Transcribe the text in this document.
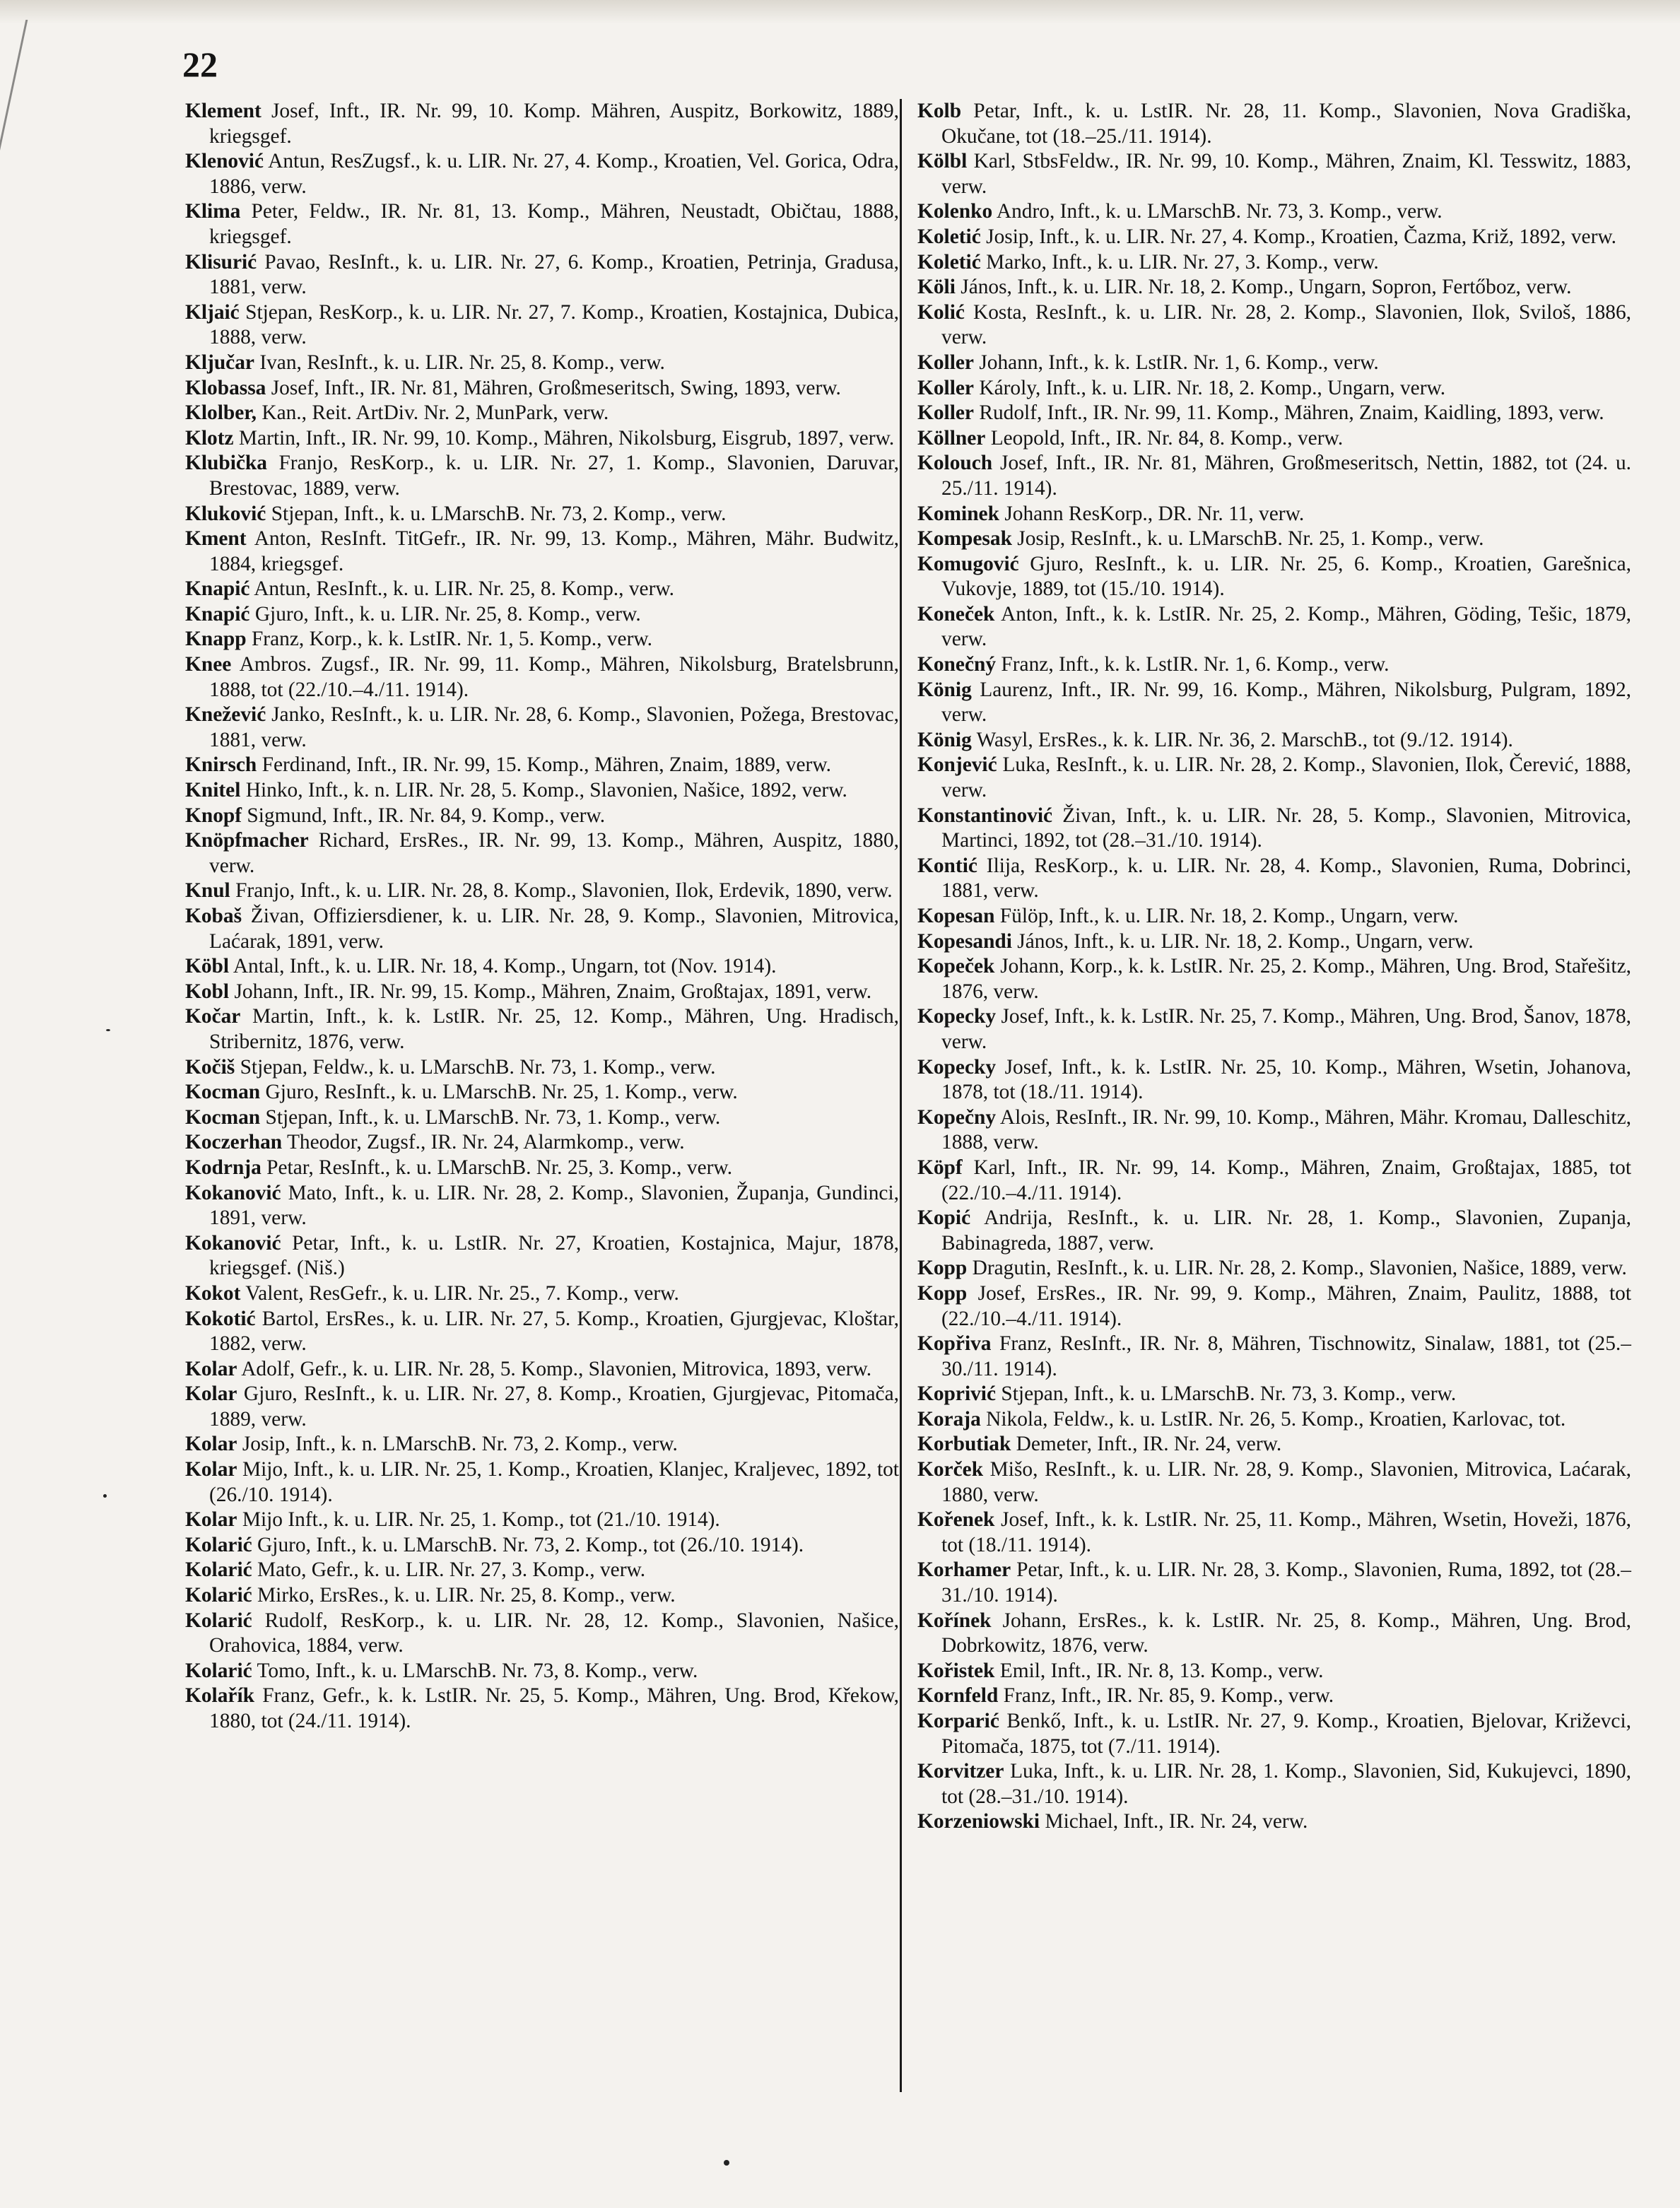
22

Klement Josef, Inft., IR. Nr. 99, 10. Komp. Mähren, Auspitz, Borkowitz, 1889, kriegsgef.

Klenović Antun, ResZugsf., k. u. LIR. Nr. 27, 4. Komp., Kroatien, Vel. Gorica, Odra, 1886, verw.

Klima Peter, Feldw., IR. Nr. 81, 13. Komp., Mähren, Neustadt, Običtau, 1888, kriegsgef.

Klisurić Pavao, ResInft., k. u. LIR. Nr. 27, 6. Komp., Kroatien, Petrinja, Gradusa, 1881, verw.

Kljaić Stjepan, ResKorp., k. u. LIR. Nr. 27, 7. Komp., Kroatien, Kostajnica, Dubica, 1888, verw.

Ključar Ivan, ResInft., k. u. LIR. Nr. 25, 8. Komp., verw.

Klobassa Josef, Inft., IR. Nr. 81, Mähren, Großmeseritsch, Swing, 1893, verw.

Klolber, Kan., Reit. ArtDiv. Nr. 2, MunPark, verw.

Klotz Martin, Inft., IR. Nr. 99, 10. Komp., Mähren, Nikolsburg, Eisgrub, 1897, verw.

Klubička Franjo, ResKorp., k. u. LIR. Nr. 27, 1. Komp., Slavonien, Daruvar, Brestovac, 1889, verw.

Kluković Stjepan, Inft., k. u. LMarschB. Nr. 73, 2. Komp., verw.

Kment Anton, ResInft. TitGefr., IR. Nr. 99, 13. Komp., Mähren, Mähr. Budwitz, 1884, kriegsgef.

Knapić Antun, ResInft., k. u. LIR. Nr. 25, 8. Komp., verw.

Knapić Gjuro, Inft., k. u. LIR. Nr. 25, 8. Komp., verw.

Knapp Franz, Korp., k. k. LstIR. Nr. 1, 5. Komp., verw.

Knee Ambros. Zugsf., IR. Nr. 99, 11. Komp., Mähren, Nikolsburg, Bratelsbrunn, 1888, tot (22./10.–4./11. 1914).

Knežević Janko, ResInft., k. u. LIR. Nr. 28, 6. Komp., Slavonien, Požega, Brestovac, 1881, verw.

Knirsch Ferdinand, Inft., IR. Nr. 99, 15. Komp., Mähren, Znaim, 1889, verw.

Knitel Hinko, Inft., k. n. LIR. Nr. 28, 5. Komp., Slavonien, Našice, 1892, verw.

Knopf Sigmund, Inft., IR. Nr. 84, 9. Komp., verw.

Knöpfmacher Richard, ErsRes., IR. Nr. 99, 13. Komp., Mähren, Auspitz, 1880, verw.

Knul Franjo, Inft., k. u. LIR. Nr. 28, 8. Komp., Slavonien, Ilok, Erdevik, 1890, verw.

Kobaš Živan, Offiziersdiener, k. u. LIR. Nr. 28, 9. Komp., Slavonien, Mitrovica, Laćarak, 1891, verw.

Köbl Antal, Inft., k. u. LIR. Nr. 18, 4. Komp., Ungarn, tot (Nov. 1914).

Kobl Johann, Inft., IR. Nr. 99, 15. Komp., Mähren, Znaim, Großtajax, 1891, verw.

Kočar Martin, Inft., k. k. LstIR. Nr. 25, 12. Komp., Mähren, Ung. Hradisch, Stribernitz, 1876, verw.

Kočiš Stjepan, Feldw., k. u. LMarschB. Nr. 73, 1. Komp., verw.

Kocman Gjuro, ResInft., k. u. LMarschB. Nr. 25, 1. Komp., verw.

Kocman Stjepan, Inft., k. u. LMarschB. Nr. 73, 1. Komp., verw.

Koczerhan Theodor, Zugsf., IR. Nr. 24, Alarmkomp., verw.

Kodrnja Petar, ResInft., k. u. LMarschB. Nr. 25, 3. Komp., verw.

Kokanović Mato, Inft., k. u. LIR. Nr. 28, 2. Komp., Slavonien, Županja, Gundinci, 1891, verw.

Kokanović Petar, Inft., k. u. LstIR. Nr. 27, Kroatien, Kostajnica, Majur, 1878, kriegsgef. (Niš.)

Kokot Valent, ResGefr., k. u. LIR. Nr. 25., 7. Komp., verw.

Kokotić Bartol, ErsRes., k. u. LIR. Nr. 27, 5. Komp., Kroatien, Gjurgjevac, Kloštar, 1882, verw.

Kolar Adolf, Gefr., k. u. LIR. Nr. 28, 5. Komp., Slavonien, Mitrovica, 1893, verw.

Kolar Gjuro, ResInft., k. u. LIR. Nr. 27, 8. Komp., Kroatien, Gjurgjevac, Pitomača, 1889, verw.

Kolar Josip, Inft., k. n. LMarschB. Nr. 73, 2. Komp., verw.

Kolar Mijo, Inft., k. u. LIR. Nr. 25, 1. Komp., Kroatien, Klanjec, Kraljevec, 1892, tot (26./10. 1914).

Kolar Mijo Inft., k. u. LIR. Nr. 25, 1. Komp., tot (21./10. 1914).

Kolarić Gjuro, Inft., k. u. LMarschB. Nr. 73, 2. Komp., tot (26./10. 1914).

Kolarić Mato, Gefr., k. u. LIR. Nr. 27, 3. Komp., verw.

Kolarić Mirko, ErsRes., k. u. LIR. Nr. 25, 8. Komp., verw.

Kolarić Rudolf, ResKorp., k. u. LIR. Nr. 28, 12. Komp., Slavonien, Našice, Orahovica, 1884, verw.

Kolarić Tomo, Inft., k. u. LMarschB. Nr. 73, 8. Komp., verw.

Kolařík Franz, Gefr., k. k. LstIR. Nr. 25, 5. Komp., Mähren, Ung. Brod, Křekow, 1880, tot (24./11. 1914).

Kolb Petar, Inft., k. u. LstIR. Nr. 28, 11. Komp., Slavonien, Nova Gradiška, Okučane, tot (18.–25./11. 1914).

Kölbl Karl, StbsFeldw., IR. Nr. 99, 10. Komp., Mähren, Znaim, Kl. Tesswitz, 1883, verw.

Kolenko Andro, Inft., k. u. LMarschB. Nr. 73, 3. Komp., verw.

Koletić Josip, Inft., k. u. LIR. Nr. 27, 4. Komp., Kroatien, Čazma, Križ, 1892, verw.

Koletić Marko, Inft., k. u. LIR. Nr. 27, 3. Komp., verw.

Köli János, Inft., k. u. LIR. Nr. 18, 2. Komp., Ungarn, Sopron, Fertőboz, verw.

Kolić Kosta, ResInft., k. u. LIR. Nr. 28, 2. Komp., Slavonien, Ilok, Sviloš, 1886, verw.

Koller Johann, Inft., k. k. LstIR. Nr. 1, 6. Komp., verw.

Koller Károly, Inft., k. u. LIR. Nr. 18, 2. Komp., Ungarn, verw.

Koller Rudolf, Inft., IR. Nr. 99, 11. Komp., Mähren, Znaim, Kaidling, 1893, verw.

Köllner Leopold, Inft., IR. Nr. 84, 8. Komp., verw.

Kolouch Josef, Inft., IR. Nr. 81, Mähren, Großmeseritsch, Nettin, 1882, tot (24. u. 25./11. 1914).

Kominek Johann ResKorp., DR. Nr. 11, verw.

Kompesak Josip, ResInft., k. u. LMarschB. Nr. 25, 1. Komp., verw.

Komugović Gjuro, ResInft., k. u. LIR. Nr. 25, 6. Komp., Kroatien, Garešnica, Vukovje, 1889, tot (15./10. 1914).

Koneček Anton, Inft., k. k. LstIR. Nr. 25, 2. Komp., Mähren, Göding, Tešic, 1879, verw.

Konečný Franz, Inft., k. k. LstIR. Nr. 1, 6. Komp., verw.

König Laurenz, Inft., IR. Nr. 99, 16. Komp., Mähren, Nikolsburg, Pulgram, 1892, verw.

König Wasyl, ErsRes., k. k. LIR. Nr. 36, 2. MarschB., tot (9./12. 1914).

Konjević Luka, ResInft., k. u. LIR. Nr. 28, 2. Komp., Slavonien, Ilok, Čerević, 1888, verw.

Konstantinović Živan, Inft., k. u. LIR. Nr. 28, 5. Komp., Slavonien, Mitrovica, Martinci, 1892, tot (28.–31./10. 1914).

Kontić Ilija, ResKorp., k. u. LIR. Nr. 28, 4. Komp., Slavonien, Ruma, Dobrinci, 1881, verw.

Kopesan Fülöp, Inft., k. u. LIR. Nr. 18, 2. Komp., Ungarn, verw.

Kopesandi János, Inft., k. u. LIR. Nr. 18, 2. Komp., Ungarn, verw.

Kopeček Johann, Korp., k. k. LstIR. Nr. 25, 2. Komp., Mähren, Ung. Brod, Stařešitz, 1876, verw.

Kopecky Josef, Inft., k. k. LstIR. Nr. 25, 7. Komp., Mähren, Ung. Brod, Šanov, 1878, verw.

Kopecky Josef, Inft., k. k. LstIR. Nr. 25, 10. Komp., Mähren, Wsetin, Johanova, 1878, tot (18./11. 1914).

Kopečny Alois, ResInft., IR. Nr. 99, 10. Komp., Mähren, Mähr. Kromau, Dalleschitz, 1888, verw.

Köpf Karl, Inft., IR. Nr. 99, 14. Komp., Mähren, Znaim, Großtajax, 1885, tot (22./10.–4./11. 1914).

Kopić Andrija, ResInft., k. u. LIR. Nr. 28, 1. Komp., Slavonien, Zupanja, Babinagreda, 1887, verw.

Kopp Dragutin, ResInft., k. u. LIR. Nr. 28, 2. Komp., Slavonien, Našice, 1889, verw.

Kopp Josef, ErsRes., IR. Nr. 99, 9. Komp., Mähren, Znaim, Paulitz, 1888, tot (22./10.–4./11. 1914).

Kopřiva Franz, ResInft., IR. Nr. 8, Mähren, Tischnowitz, Sinalaw, 1881, tot (25.–30./11. 1914).

Koprivić Stjepan, Inft., k. u. LMarschB. Nr. 73, 3. Komp., verw.

Koraja Nikola, Feldw., k. u. LstIR. Nr. 26, 5. Komp., Kroatien, Karlovac, tot.

Korbutiak Demeter, Inft., IR. Nr. 24, verw.

Korček Mišo, ResInft., k. u. LIR. Nr. 28, 9. Komp., Slavonien, Mitrovica, Laćarak, 1880, verw.

Kořenek Josef, Inft., k. k. LstIR. Nr. 25, 11. Komp., Mähren, Wsetin, Hoveži, 1876, tot (18./11. 1914).

Korhamer Petar, Inft., k. u. LIR. Nr. 28, 3. Komp., Slavonien, Ruma, 1892, tot (28.–31./10. 1914).

Kořínek Johann, ErsRes., k. k. LstIR. Nr. 25, 8. Komp., Mähren, Ung. Brod, Dobrkowitz, 1876, verw.

Kořistek Emil, Inft., IR. Nr. 8, 13. Komp., verw.

Kornfeld Franz, Inft., IR. Nr. 85, 9. Komp., verw.

Korparić Benkő, Inft., k. u. LstIR. Nr. 27, 9. Komp., Kroatien, Bjelovar, Križevci, Pitomača, 1875, tot (7./11. 1914).

Korvitzer Luka, Inft., k. u. LIR. Nr. 28, 1. Komp., Slavonien, Sid, Kukujevci, 1890, tot (28.–31./10. 1914).

Korzeniowski Michael, Inft., IR. Nr. 24, verw.
